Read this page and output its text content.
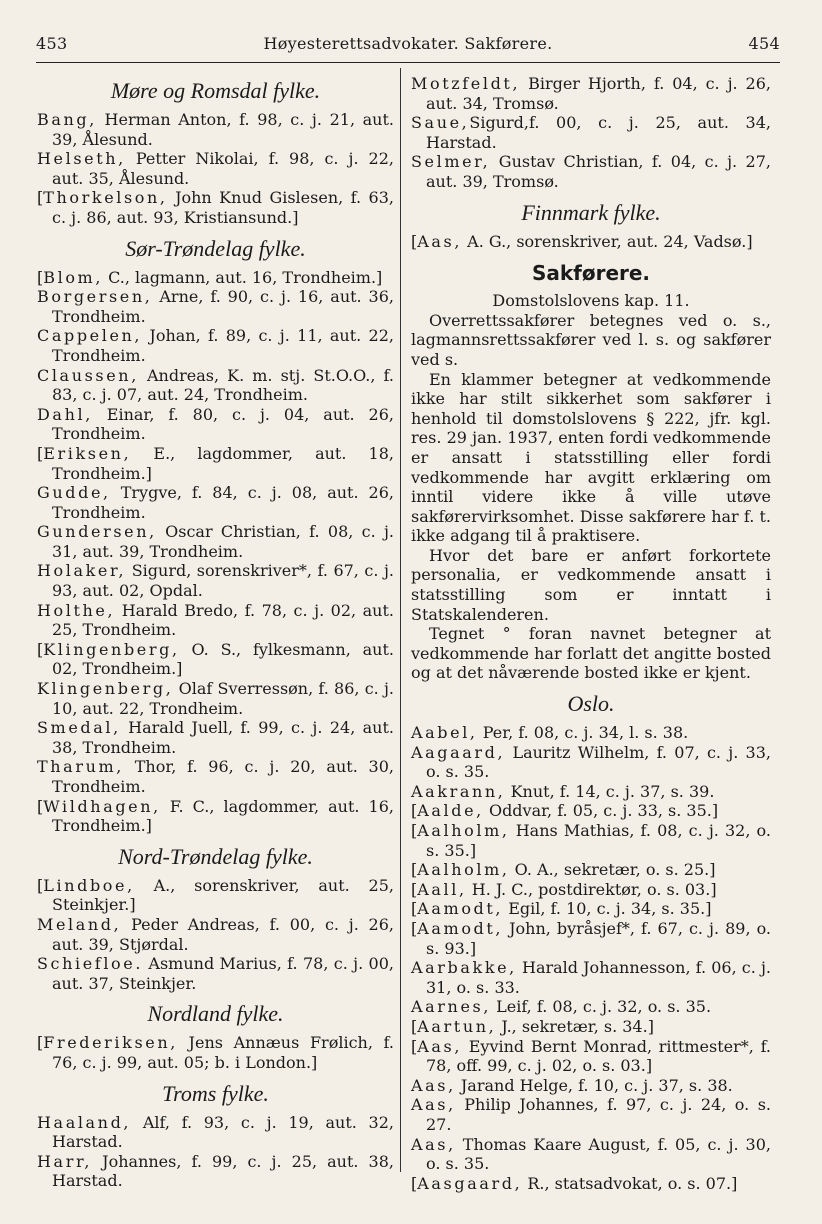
453	Høyesterettsadvokater. Sakførere.	454
Møre og Romsdal fylke.
Bang, Herman Anton, f. 98, c. j. 21, aut. 39, Ålesund.
Helseth, Petter Nikolai, f. 98, c. j. 22, aut. 35, Ålesund.
[Thorkelson, John Knud Gislesen, f. 63, c. j. 86, aut. 93, Kristiansund.]
Sør-Trøndelag fylke.
[Blom, C., lagmann, aut. 16, Trondheim.]
Borgersen, Arne, f. 90, c. j. 16, aut. 36, Trondheim.
Cappelen, Johan, f. 89, c. j. 11, aut. 22, Trondheim.
Claussen, Andreas, K. m. stj. St.O.O., f. 83, c. j. 07, aut. 24, Trondheim.
Dahl, Einar, f. 80, c. j. 04, aut. 26, Trondheim.
[Eriksen, E., lagdommer, aut. 18, Trondheim.]
Gudde, Trygve, f. 84, c. j. 08, aut. 26, Trondheim.
Gundersen, Oscar Christian, f. 08, c. j. 31, aut. 39, Trondheim.
Holaker, Sigurd, sorenskriver*, f. 67, c. j. 93, aut. 02, Opdal.
Holthe, Harald Bredo, f. 78, c. j. 02, aut. 25, Trondheim.
[Klingenberg, O. S., fylkesmann, aut. 02, Trondheim.]
Klingenberg, Olaf Sverressøn, f. 86, c. j. 10, aut. 22, Trondheim.
Smedal, Harald Juell, f. 99, c. j. 24, aut. 38, Trondheim.
Tharum, Thor, f. 96, c. j. 20, aut. 30, Trondheim.
[Wildhagen, F. C., lagdommer, aut. 16, Trondheim.]
Nord-Trøndelag fylke.
[Lindboe, A., sorenskriver, aut. 25, Steinkjer.]
Meland, Peder Andreas, f. 00, c. j. 26, aut. 39, Stjørdal.
Schiefloe. Asmund Marius, f. 78, c. j. 00, aut. 37, Steinkjer.
Nordland fylke.
[Frederiksen, Jens Annæus Frølich, f. 76, c. j. 99, aut. 05; b. i London.]
Troms fylke.
Haaland, Alf, f. 93, c. j. 19, aut. 32, Harstad.
Harr, Johannes, f. 99, c. j. 25, aut. 38, Harstad.
Motzfeldt, Birger Hjorth, f. 04, c. j. 26, aut. 34, Tromsø.
Saue,Sigurd,f. 00, c. j. 25, aut. 34, Harstad.
Selmer, Gustav Christian, f. 04, c. j. 27, aut. 39, Tromsø.
Finnmark fylke.
[Aas, A. G., sorenskriver, aut. 24, Vadsø.]
Sakførere.
Domstolslovens kap. 11.
Overrettssakfører betegnes ved o. s., lagmannsrettssakfører ved l. s. og sakfører ved s.
En klammer betegner at vedkommende ikke har stilt sikkerhet som sakfører i henhold til domstolslovens § 222, jfr. kgl. res. 29 jan. 1937, enten fordi vedkommende er ansatt i statsstilling eller fordi vedkommende har avgitt erklæring om inntil videre ikke å ville utøve sakførervirksomhet. Disse sakførere har f. t. ikke adgang til å praktisere.
Hvor det bare er anført forkortete personalia, er vedkommende ansatt i statsstilling som er inntatt i Statskalenderen.
Tegnet ° foran navnet betegner at vedkommende har forlatt det angitte bosted og at det nåværende bosted ikke er kjent.
Oslo.
Aabel, Per, f. 08, c. j. 34, l. s. 38.
Aagaard, Lauritz Wilhelm, f. 07, c. j. 33, o. s. 35.
Aakrann, Knut, f. 14, c. j. 37, s. 39.
[Aalde, Oddvar, f. 05, c. j. 33, s. 35.]
[Aalholm, Hans Mathias, f. 08, c. j. 32, o. s. 35.]
[Aalholm, O. A., sekretær, o. s. 25.]
[Aall, H. J. C., postdirektør, o. s. 03.]
[Aamodt, Egil, f. 10, c. j. 34, s. 35.]
[Aamodt, John, byråsjef*, f. 67, c. j. 89, o. s. 93.]
Aarbakke, Harald Johannesson, f. 06, c. j. 31, o. s. 33.
Aarnes, Leif, f. 08, c. j. 32, o. s. 35.
[Aartun, J., sekretær, s. 34.]
[Aas, Eyvind Bernt Monrad, rittmester*, f. 78, off. 99, c. j. 02, o. s. 03.]
Aas, Jarand Helge, f. 10, c. j. 37, s. 38.
Aas, Philip Johannes, f. 97, c. j. 24, o. s. 27.
Aas, Thomas Kaare August, f. 05, c. j. 30, o. s. 35.
[Aasgaard, R., statsadvokat, o. s. 07.]
